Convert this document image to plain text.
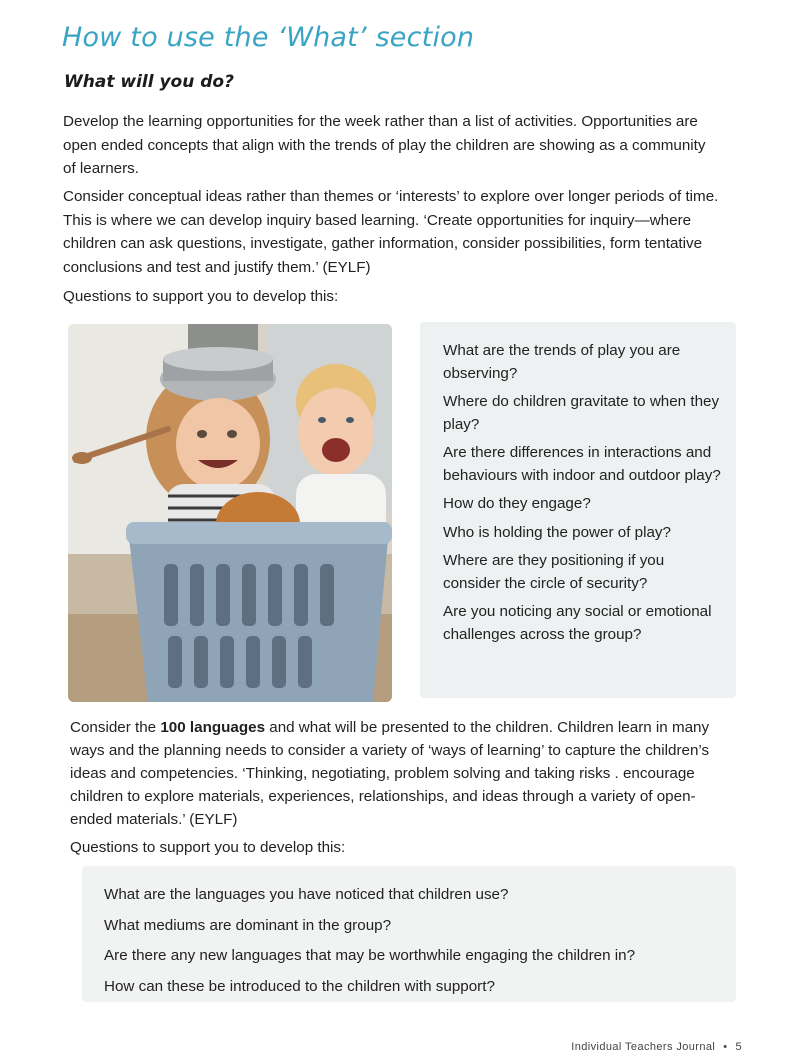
How to use the ‘What’ section
What will you do?

Develop the learning opportunities for the week rather than a list of activities. Opportunities are open ended concepts that align with the trends of play the children are showing as a community of learners.

Consider conceptual ideas rather than themes or ‘interests’ to explore over longer periods of time. This is where we can develop inquiry based learning. ‘Create opportunities for inquiry—where children can ask questions, investigate, gather information, consider possibilities, form tentative conclusions and test and justify them.’ (EYLF)

Questions to support you to develop this:

What are the trends of play you are observing?
Where do children gravitate to when they play?
Are there differences in interactions and behaviours with indoor and outdoor play?
How do they engage?
Who is holding the power of play?
Where are they positioning if you consider the circle of security?
Are you noticing any social or emotional challenges across the group?

Consider the 100 languages and what will be presented to the children. Children learn in many ways and the planning needs to consider a variety of ‘ways of learning’ to capture the children’s ideas and competencies. ‘Thinking, negotiating, problem solving and taking risks . encourage children to explore materials, experiences, relationships, and ideas through a variety of open-ended materials.’ (EYLF)

Questions to support you to develop this:

What are the languages you have noticed that children use?
What mediums are dominant in the group?
Are there any new languages that may be worthwhile engaging the children in?
How can these be introduced to the children with support?
Individual Teachers Journal • 5
